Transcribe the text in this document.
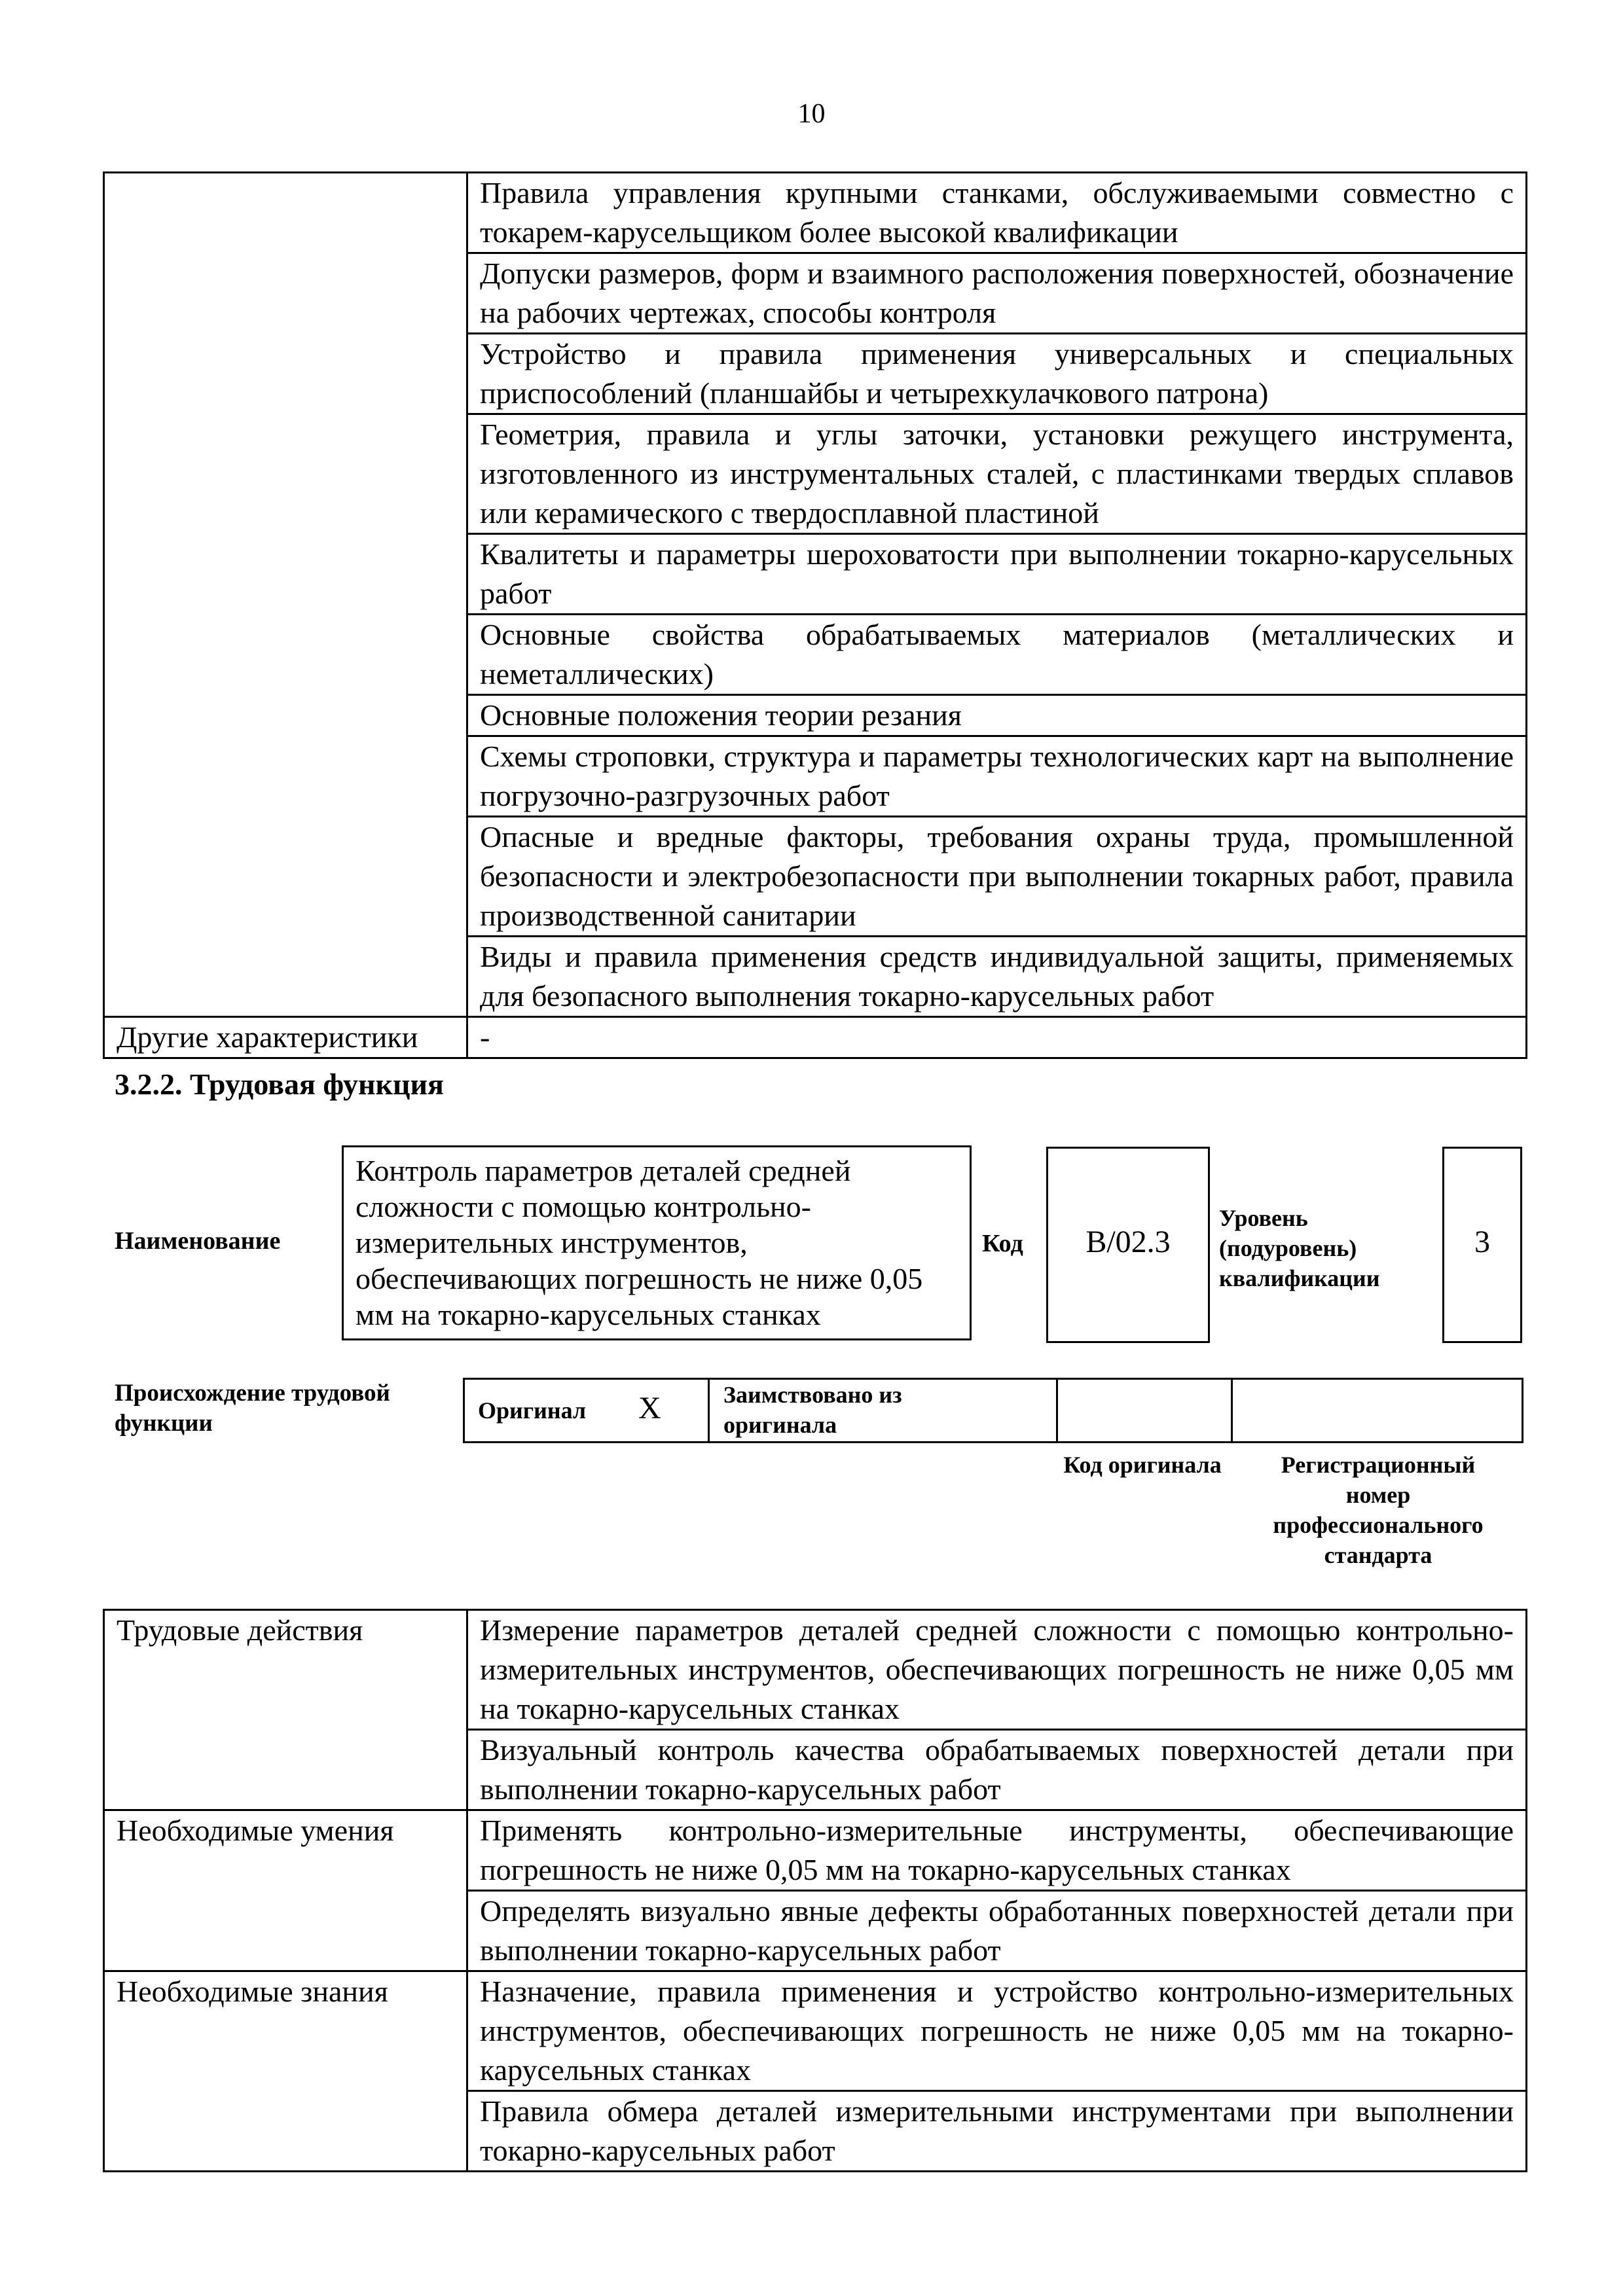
10
	Правила управления крупными станками, обслуживаемыми совместно с токарем-карусельщиком более высокой квалификации
	Допуски размеров, форм и взаимного расположения поверхностей, обозначение на рабочих чертежах, способы контроля
	Устройство и правила применения универсальных и специальных приспособлений (планшайбы и четырехкулачкового патрона)
	Геометрия, правила и углы заточки, установки режущего инструмента, изготовленного из инструментальных сталей, с пластинками твердых сплавов или керамического с твердосплавной пластиной
	Квалитеты и параметры шероховатости при выполнении токарно-карусельных работ
	Основные свойства обрабатываемых материалов (металлических и неметаллических)
	Основные положения теории резания
	Схемы строповки, структура и параметры технологических карт на выполнение погрузочно-разгрузочных работ
	Опасные и вредные факторы, требования охраны труда, промышленной безопасности и электробезопасности при выполнении токарных работ, правила производственной санитарии
	Виды и правила применения средств индивидуальной защиты, применяемых для безопасного выполнения токарно-карусельных работ
Другие характеристики	-
3.2.2. Трудовая функция
Наименование
Контроль параметров деталей средней сложности с помощью контрольно-измерительных инструментов, обеспечивающих погрешность не ниже 0,05 мм на токарно-карусельных станках
Код	B/02.3
Уровень (подуровень) квалификации
3
Происхождение трудовой функции	Оригинал X	Заимствовано из оригинала
Код оригинала	Регистрационный номер профессионального стандарта
Трудовые действия	Измерение параметров деталей средней сложности с помощью контрольно-измерительных инструментов, обеспечивающих погрешность не ниже 0,05 мм на токарно-карусельных станках
	Визуальный контроль качества обрабатываемых поверхностей детали при выполнении токарно-карусельных работ
Необходимые умения	Применять контрольно-измерительные инструменты, обеспечивающие погрешность не ниже 0,05 мм на токарно-карусельных станках
	Определять визуально явные дефекты обработанных поверхностей детали при выполнении токарно-карусельных работ
Необходимые знания	Назначение, правила применения и устройство контрольно-измерительных инструментов, обеспечивающих погрешность не ниже 0,05 мм на токарно-карусельных станках
	Правила обмера деталей измерительными инструментами при выполнении токарно-карусельных работ
